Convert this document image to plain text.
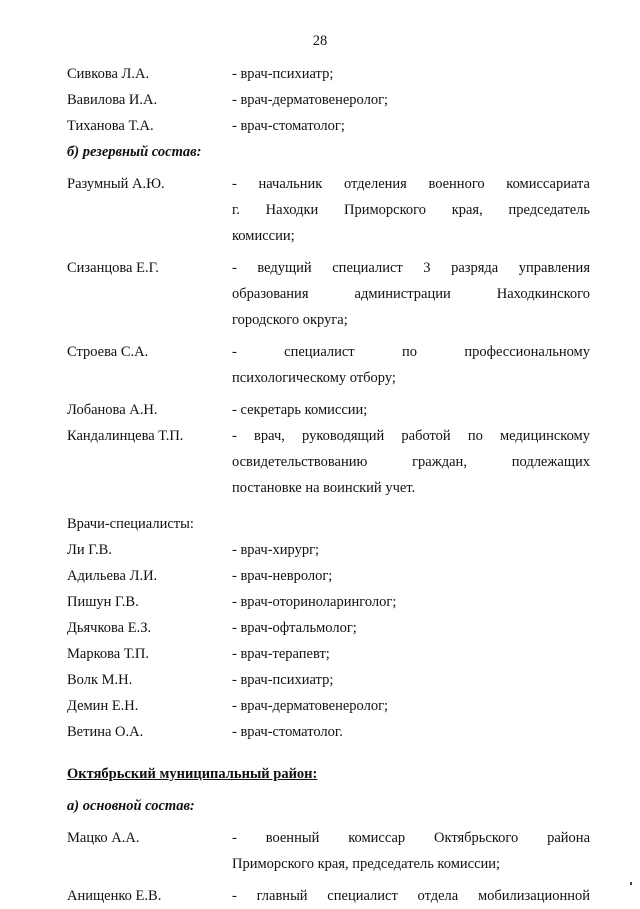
28
Сивкова Л.А.	- врач-психиатр;
Вавилова И.А.	- врач-дерматовенеролог;
Тиханова Т.А.	- врач-стоматолог;
б) резервный состав:
Разумный А.Ю.	- начальник отделения военного комиссариата
г. Находки Приморского края, председатель
комиссии;
Сизанцова Е.Г.	- ведущий специалист 3 разряда управления
образования администрации Находкинского
городского округа;
Строева С.А.	- специалист по профессиональному
психологическому отбору;
Лобанова А.Н.	- секретарь комиссии;
Кандалинцева Т.П.	- врач, руководящий работой по медицинскому
освидетельствованию граждан, подлежащих
постановке на воинский учет.
Врачи-специалисты:
Ли Г.В.	- врач-хирург;
Адильева Л.И.	- врач-невролог;
Пишун Г.В.	- врач-оториноларинголог;
Дьячкова Е.З.	- врач-офтальмолог;
Маркова Т.П.	- врач-терапевт;
Волк М.Н.	- врач-психиатр;
Демин Е.Н.	- врач-дерматовенеролог;
Ветина О.А.	- врач-стоматолог.
Октябрьский муниципальный район:
а) основной состав:
Мацко А.А.	- военный комиссар Октябрьского района
Приморского края, председатель комиссии;
Анищенко Е.В.	- главный специалист отдела мобилизационной
